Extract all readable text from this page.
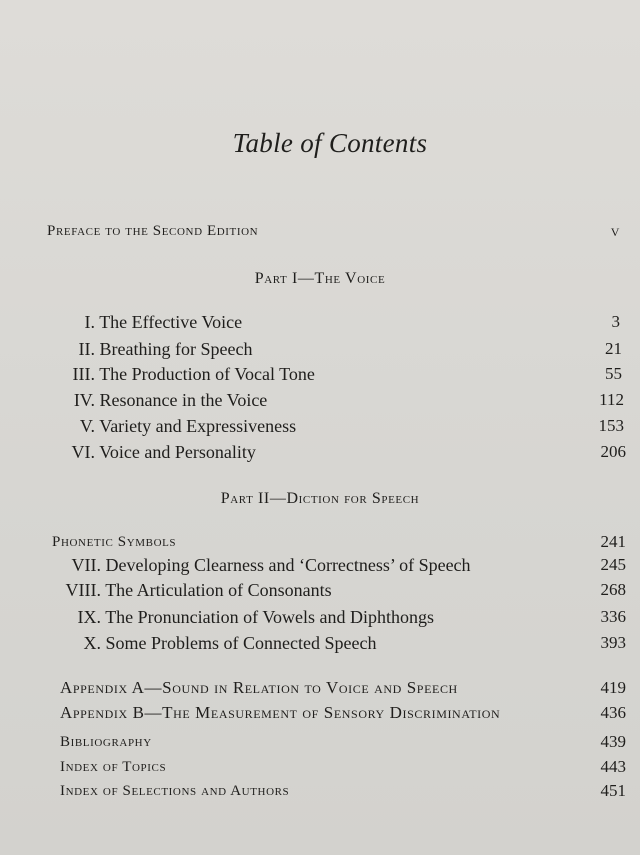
Table of Contents
Preface to the Second Edition	v
Part I—The Voice
I. The Effective Voice	3
II. Breathing for Speech	21
III. The Production of Vocal Tone	55
IV. Resonance in the Voice	112
V. Variety and Expressiveness	153
VI. Voice and Personality	206
Part II—Diction for Speech
Phonetic Symbols	241
VII. Developing Clearness and ‘Correctness’ of Speech	245
VIII. The Articulation of Consonants	268
IX. The Pronunciation of Vowels and Diphthongs	336
X. Some Problems of Connected Speech	393
Appendix A—Sound in Relation to Voice and Speech	419
Appendix B—The Measurement of Sensory Discrimination	436
Bibliography	439
Index of Topics	443
Index of Selections and Authors	451
